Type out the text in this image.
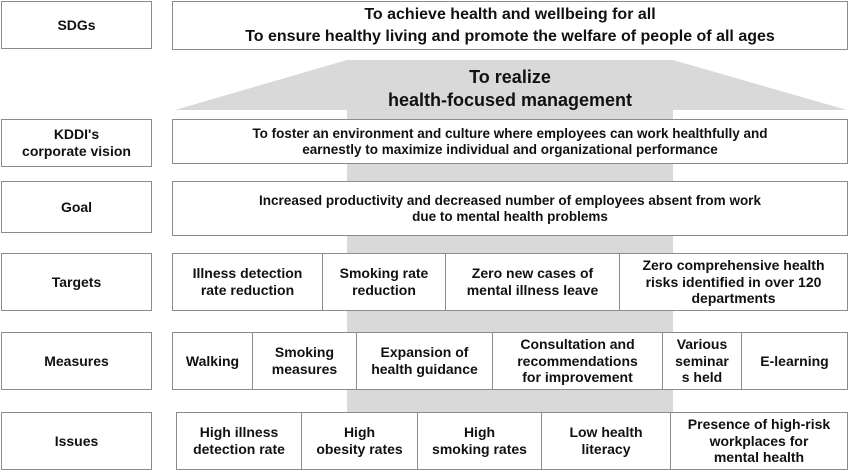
To realize
health-focused management
SDGs
KDDI's
corporate vision
Goal
Targets
Measures
Issues
To achieve health and wellbeing for all
To ensure healthy living and promote the welfare of people of all ages
To foster an environment and culture where employees can work healthfully and
earnestly to maximize individual and organizational performance
Increased productivity and decreased number of employees absent from work
due to mental health problems
Illness detection
rate reduction
Smoking rate
reduction
Zero new cases of
mental illness leave
Zero comprehensive health
risks identified in over 120
departments
Walking
Smoking
measures
Expansion of
health guidance
Consultation and
recommendations
for improvement
Various
seminar
s held
E-learning
High illness
detection rate
High
obesity rates
High
smoking rates
Low health
literacy
Presence of high-risk
workplaces for
mental health
